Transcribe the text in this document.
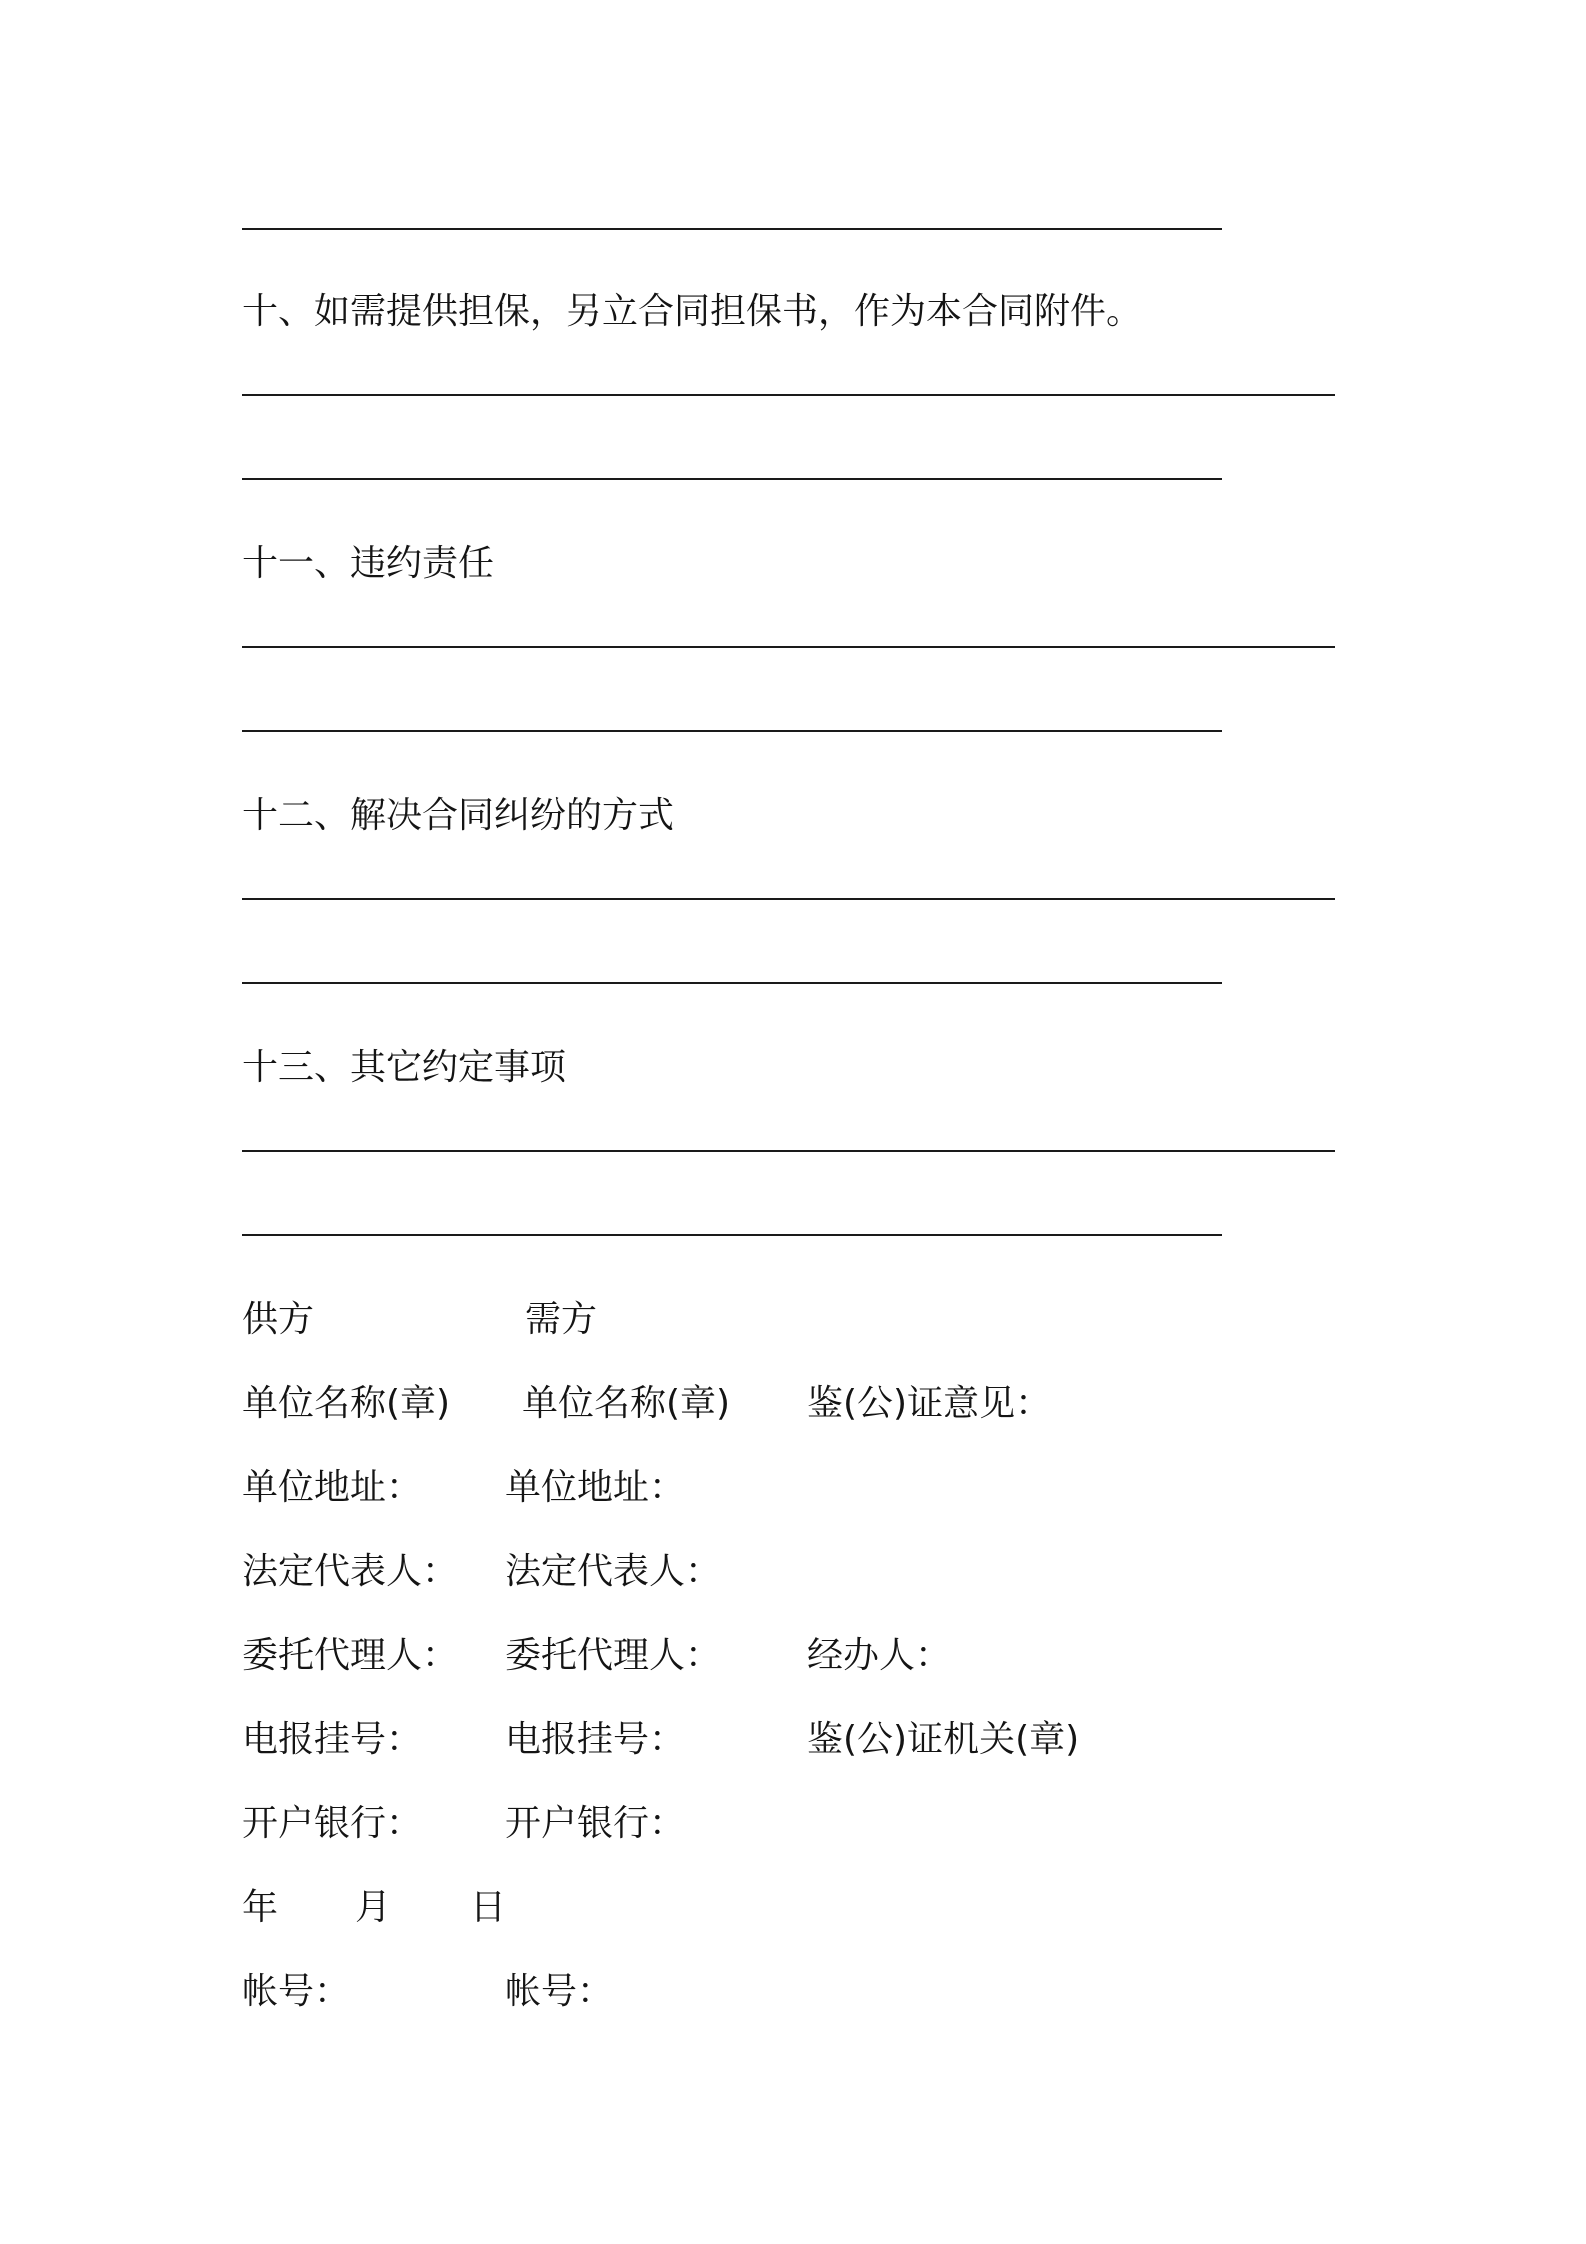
十、如需提供担保，另立合同担保书，作为本合同附件。
十一、违约责任
十二、解决合同纠纷的方式
十三、其它约定事项
供方	需方
单位名称(章) 单位名称(章) 鉴(公)证意见：
单位地址： 单位地址：
法定代表人： 法定代表人：
委托代理人： 委托代理人： 经办人：
电报挂号： 电报挂号：	鉴(公)证机关(章)
开户银行： 开户银行：
年 月 日
帐号：	帐号：
